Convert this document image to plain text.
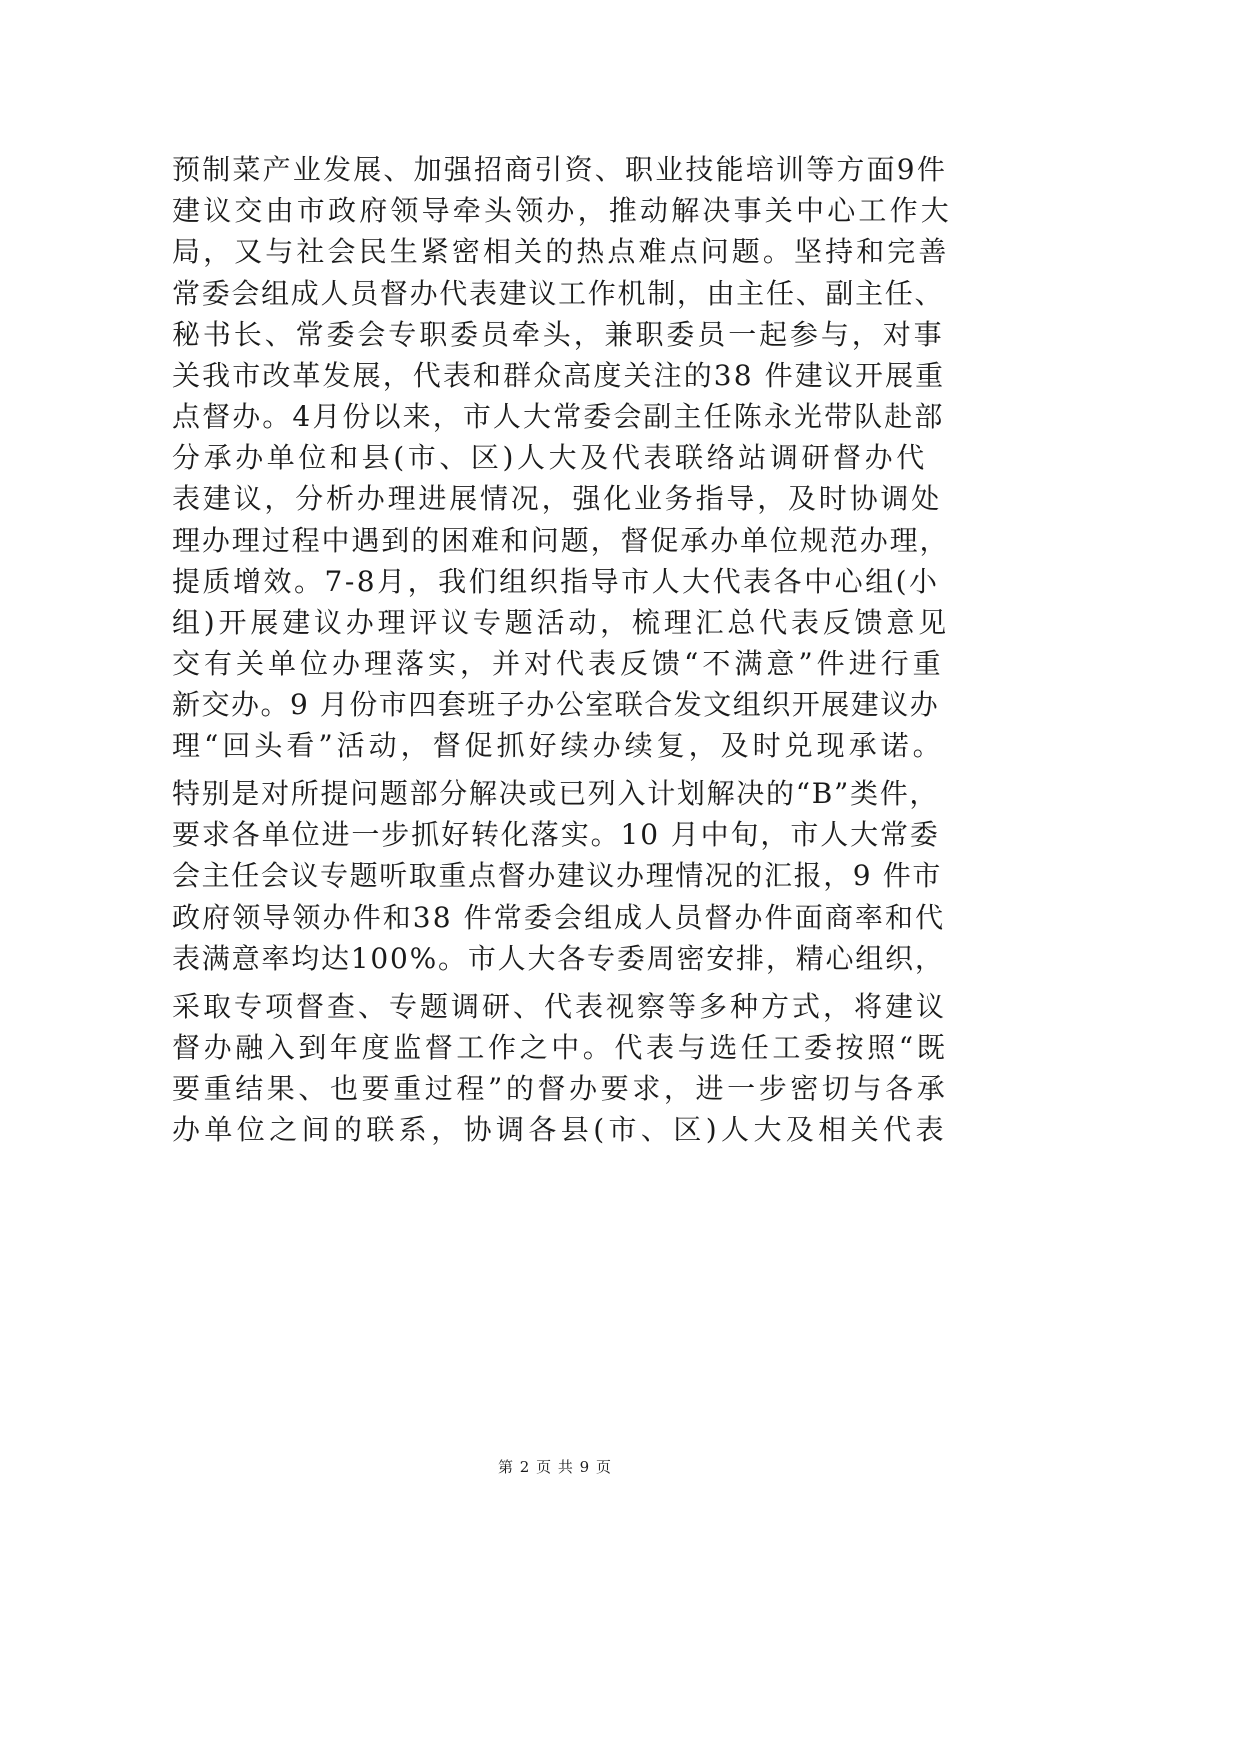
预制菜产业发展、加强招商引资、职业技能培训等方面9件
建议交由市政府领导牵头领办，推动解决事关中心工作大
局，又与社会民生紧密相关的热点难点问题。坚持和完善
常委会组成人员督办代表建议工作机制，由主任、副主任、
秘书长、常委会专职委员牵头，兼职委员一起参与，对事
关我市改革发展，代表和群众高度关注的38 件建议开展重
点督办。4月份以来，市人大常委会副主任陈永光带队赴部
分承办单位和县(市、区)人大及代表联络站调研督办代
表建议，分析办理进展情况，强化业务指导，及时协调处
理办理过程中遇到的困难和问题，督促承办单位规范办理，
提质增效。7-8月，我们组织指导市人大代表各中心组(小
组)开展建议办理评议专题活动，梳理汇总代表反馈意见
交有关单位办理落实，并对代表反馈“不满意”件进行重
新交办。9 月份市四套班子办公室联合发文组织开展建议办
理“回头看”活动，督促抓好续办续复，及时兑现承诺。
特别是对所提问题部分解决或已列入计划解决的“B”类件，
要求各单位进一步抓好转化落实。10 月中旬，市人大常委
会主任会议专题听取重点督办建议办理情况的汇报，9 件市
政府领导领办件和38 件常委会组成人员督办件面商率和代
表满意率均达100%。市人大各专委周密安排，精心组织，
采取专项督查、专题调研、代表视察等多种方式，将建议
督办融入到年度监督工作之中。代表与选任工委按照“既
要重结果、也要重过程”的督办要求，进一步密切与各承
办单位之间的联系，协调各县(市、区)人大及相关代表
第 2 页 共 9 页
